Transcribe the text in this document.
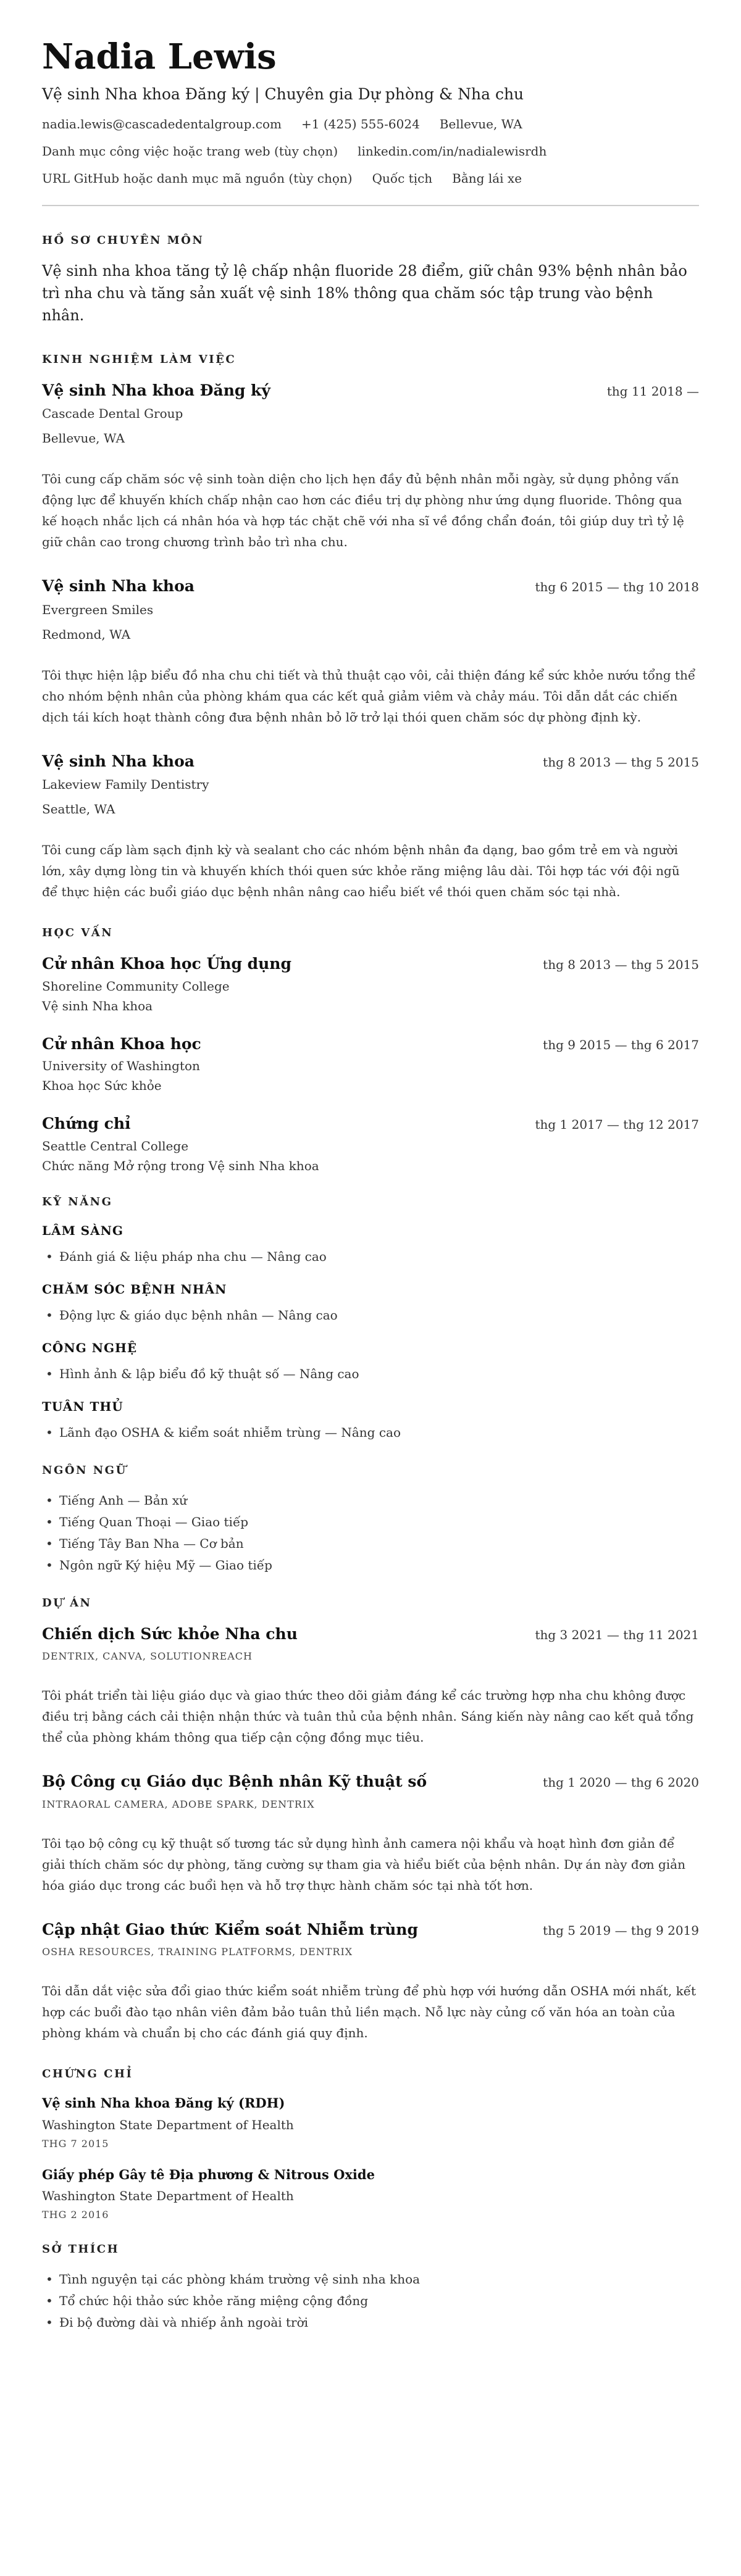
Nadia Lewis
Vệ sinh Nha khoa Đăng ký | Chuyên gia Dự phòng & Nha chu
nadia.lewis@cascadedentalgroup.com +1 (425) 555-6024 Bellevue, WA
Danh mục công việc hoặc trang web (tùy chọn) linkedin.com/in/nadialewisrdh
URL GitHub hoặc danh mục mã nguồn (tùy chọn) Quốc tịch Bằng lái xe
HỒ SƠ CHUYÊN MÔN

Vệ sinh nha khoa tăng tỷ lệ chấp nhận fluoride 28 điểm, giữ chân 93% bệnh nhân bảo trì nha chu và tăng sản xuất vệ sinh 18% thông qua chăm sóc tập trung vào bệnh nhân.

KINH NGHIỆM LÀM VIỆC
Vệ sinh Nha khoa Đăng ký	thg 11 2018 —
Cascade Dental Group
Bellevue, WA

Tôi cung cấp chăm sóc vệ sinh toàn diện cho lịch hẹn đầy đủ bệnh nhân mỗi ngày, sử dụng phỏng vấn động lực để khuyến khích chấp nhận cao hơn các điều trị dự phòng như ứng dụng fluoride. Thông qua kế hoạch nhắc lịch cá nhân hóa và hợp tác chặt chẽ với nha sĩ về đồng chẩn đoán, tôi giúp duy trì tỷ lệ giữ chân cao trong chương trình bảo trì nha chu.

Vệ sinh Nha khoa	thg 6 2015 — thg 10 2018
Evergreen Smiles
Redmond, WA

Tôi thực hiện lập biểu đồ nha chu chi tiết và thủ thuật cạo vôi, cải thiện đáng kể sức khỏe nướu tổng thể cho nhóm bệnh nhân của phòng khám qua các kết quả giảm viêm và chảy máu. Tôi dẫn dắt các chiến dịch tái kích hoạt thành công đưa bệnh nhân bỏ lỡ trở lại thói quen chăm sóc dự phòng định kỳ.

Vệ sinh Nha khoa	thg 8 2013 — thg 5 2015
Lakeview Family Dentistry
Seattle, WA

Tôi cung cấp làm sạch định kỳ và sealant cho các nhóm bệnh nhân đa dạng, bao gồm trẻ em và người lớn, xây dựng lòng tin và khuyến khích thói quen sức khỏe răng miệng lâu dài. Tôi hợp tác với đội ngũ để thực hiện các buổi giáo dục bệnh nhân nâng cao hiểu biết về thói quen chăm sóc tại nhà.

HỌC VẤN
Cử nhân Khoa học Ứng dụng	thg 8 2013 — thg 5 2015
Shoreline Community College
Vệ sinh Nha khoa
Cử nhân Khoa học	thg 9 2015 — thg 6 2017
University of Washington
Khoa học Sức khỏe
Chứng chỉ	thg 1 2017 — thg 12 2017
Seattle Central College
Chức năng Mở rộng trong Vệ sinh Nha khoa
KỸ NĂNG
LÂM SÀNG
• Đánh giá & liệu pháp nha chu — Nâng cao
CHĂM SÓC BỆNH NHÂN
• Động lực & giáo dục bệnh nhân — Nâng cao
CÔNG NGHỆ
• Hình ảnh & lập biểu đồ kỹ thuật số — Nâng cao
TUÂN THỦ
• Lãnh đạo OSHA & kiểm soát nhiễm trùng — Nâng cao
NGÔN NGỮ
• Tiếng Anh — Bản xứ
• Tiếng Quan Thoại — Giao tiếp
• Tiếng Tây Ban Nha — Cơ bản
• Ngôn ngữ Ký hiệu Mỹ — Giao tiếp
DỰ ÁN
Chiến dịch Sức khỏe Nha chu	thg 3 2021 — thg 11 2021
DENTRIX, CANVA, SOLUTIONREACH

Tôi phát triển tài liệu giáo dục và giao thức theo dõi giảm đáng kể các trường hợp nha chu không được điều trị bằng cách cải thiện nhận thức và tuân thủ của bệnh nhân. Sáng kiến này nâng cao kết quả tổng thể của phòng khám thông qua tiếp cận cộng đồng mục tiêu.

Bộ Công cụ Giáo dục Bệnh nhân Kỹ thuật số	thg 1 2020 — thg 6 2020
INTRAORAL CAMERA, ADOBE SPARK, DENTRIX

Tôi tạo bộ công cụ kỹ thuật số tương tác sử dụng hình ảnh camera nội khẩu và hoạt hình đơn giản để giải thích chăm sóc dự phòng, tăng cường sự tham gia và hiểu biết của bệnh nhân. Dự án này đơn giản hóa giáo dục trong các buổi hẹn và hỗ trợ thực hành chăm sóc tại nhà tốt hơn.

Cập nhật Giao thức Kiểm soát Nhiễm trùng	thg 5 2019 — thg 9 2019
OSHA RESOURCES, TRAINING PLATFORMS, DENTRIX

Tôi dẫn dắt việc sửa đổi giao thức kiểm soát nhiễm trùng để phù hợp với hướng dẫn OSHA mới nhất, kết hợp các buổi đào tạo nhân viên đảm bảo tuân thủ liền mạch. Nỗ lực này củng cố văn hóa an toàn của phòng khám và chuẩn bị cho các đánh giá quy định.

CHỨNG CHỈ
Vệ sinh Nha khoa Đăng ký (RDH)
Washington State Department of Health
THG 7 2015
Giấy phép Gây tê Địa phương & Nitrous Oxide
Washington State Department of Health
THG 2 2016
SỞ THÍCH
• Tình nguyện tại các phòng khám trường vệ sinh nha khoa
• Tổ chức hội thảo sức khỏe răng miệng cộng đồng
• Đi bộ đường dài và nhiếp ảnh ngoài trời
